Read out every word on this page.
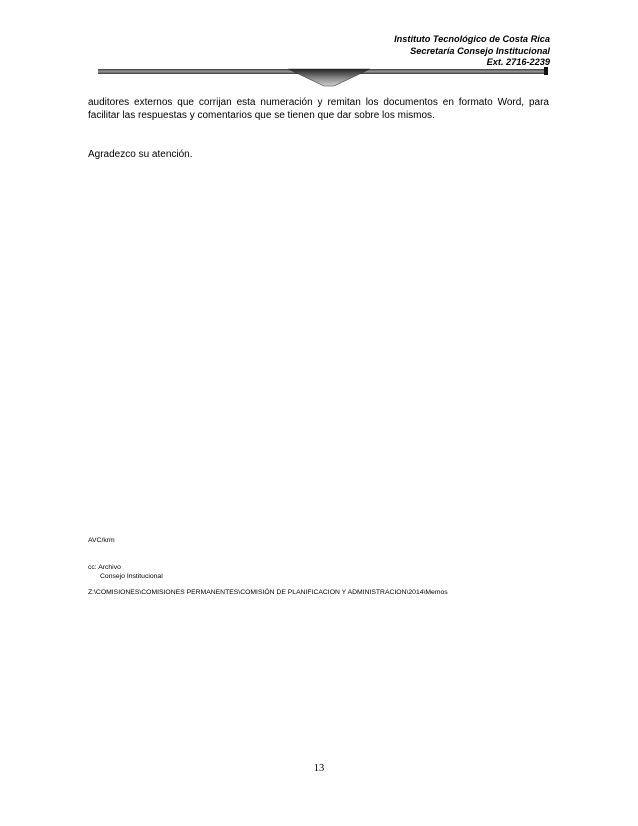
Instituto Tecnológico de Costa Rica
Secretaría Consejo Institucional
Ext. 2716-2239

auditores externos que corrijan esta numeración y remitan los documentos en formato Word, para facilitar las respuestas y comentarios que se tienen que dar sobre los mismos.

Agradezco su atención.

AVC/krm
cc: Archivo
Consejo Institucional
Z:\COMISIONES\COMISIONES PERMANENTES\COMISIÓN DE PLANIFICACION Y ADMINISTRACION\2014\Memos
13
